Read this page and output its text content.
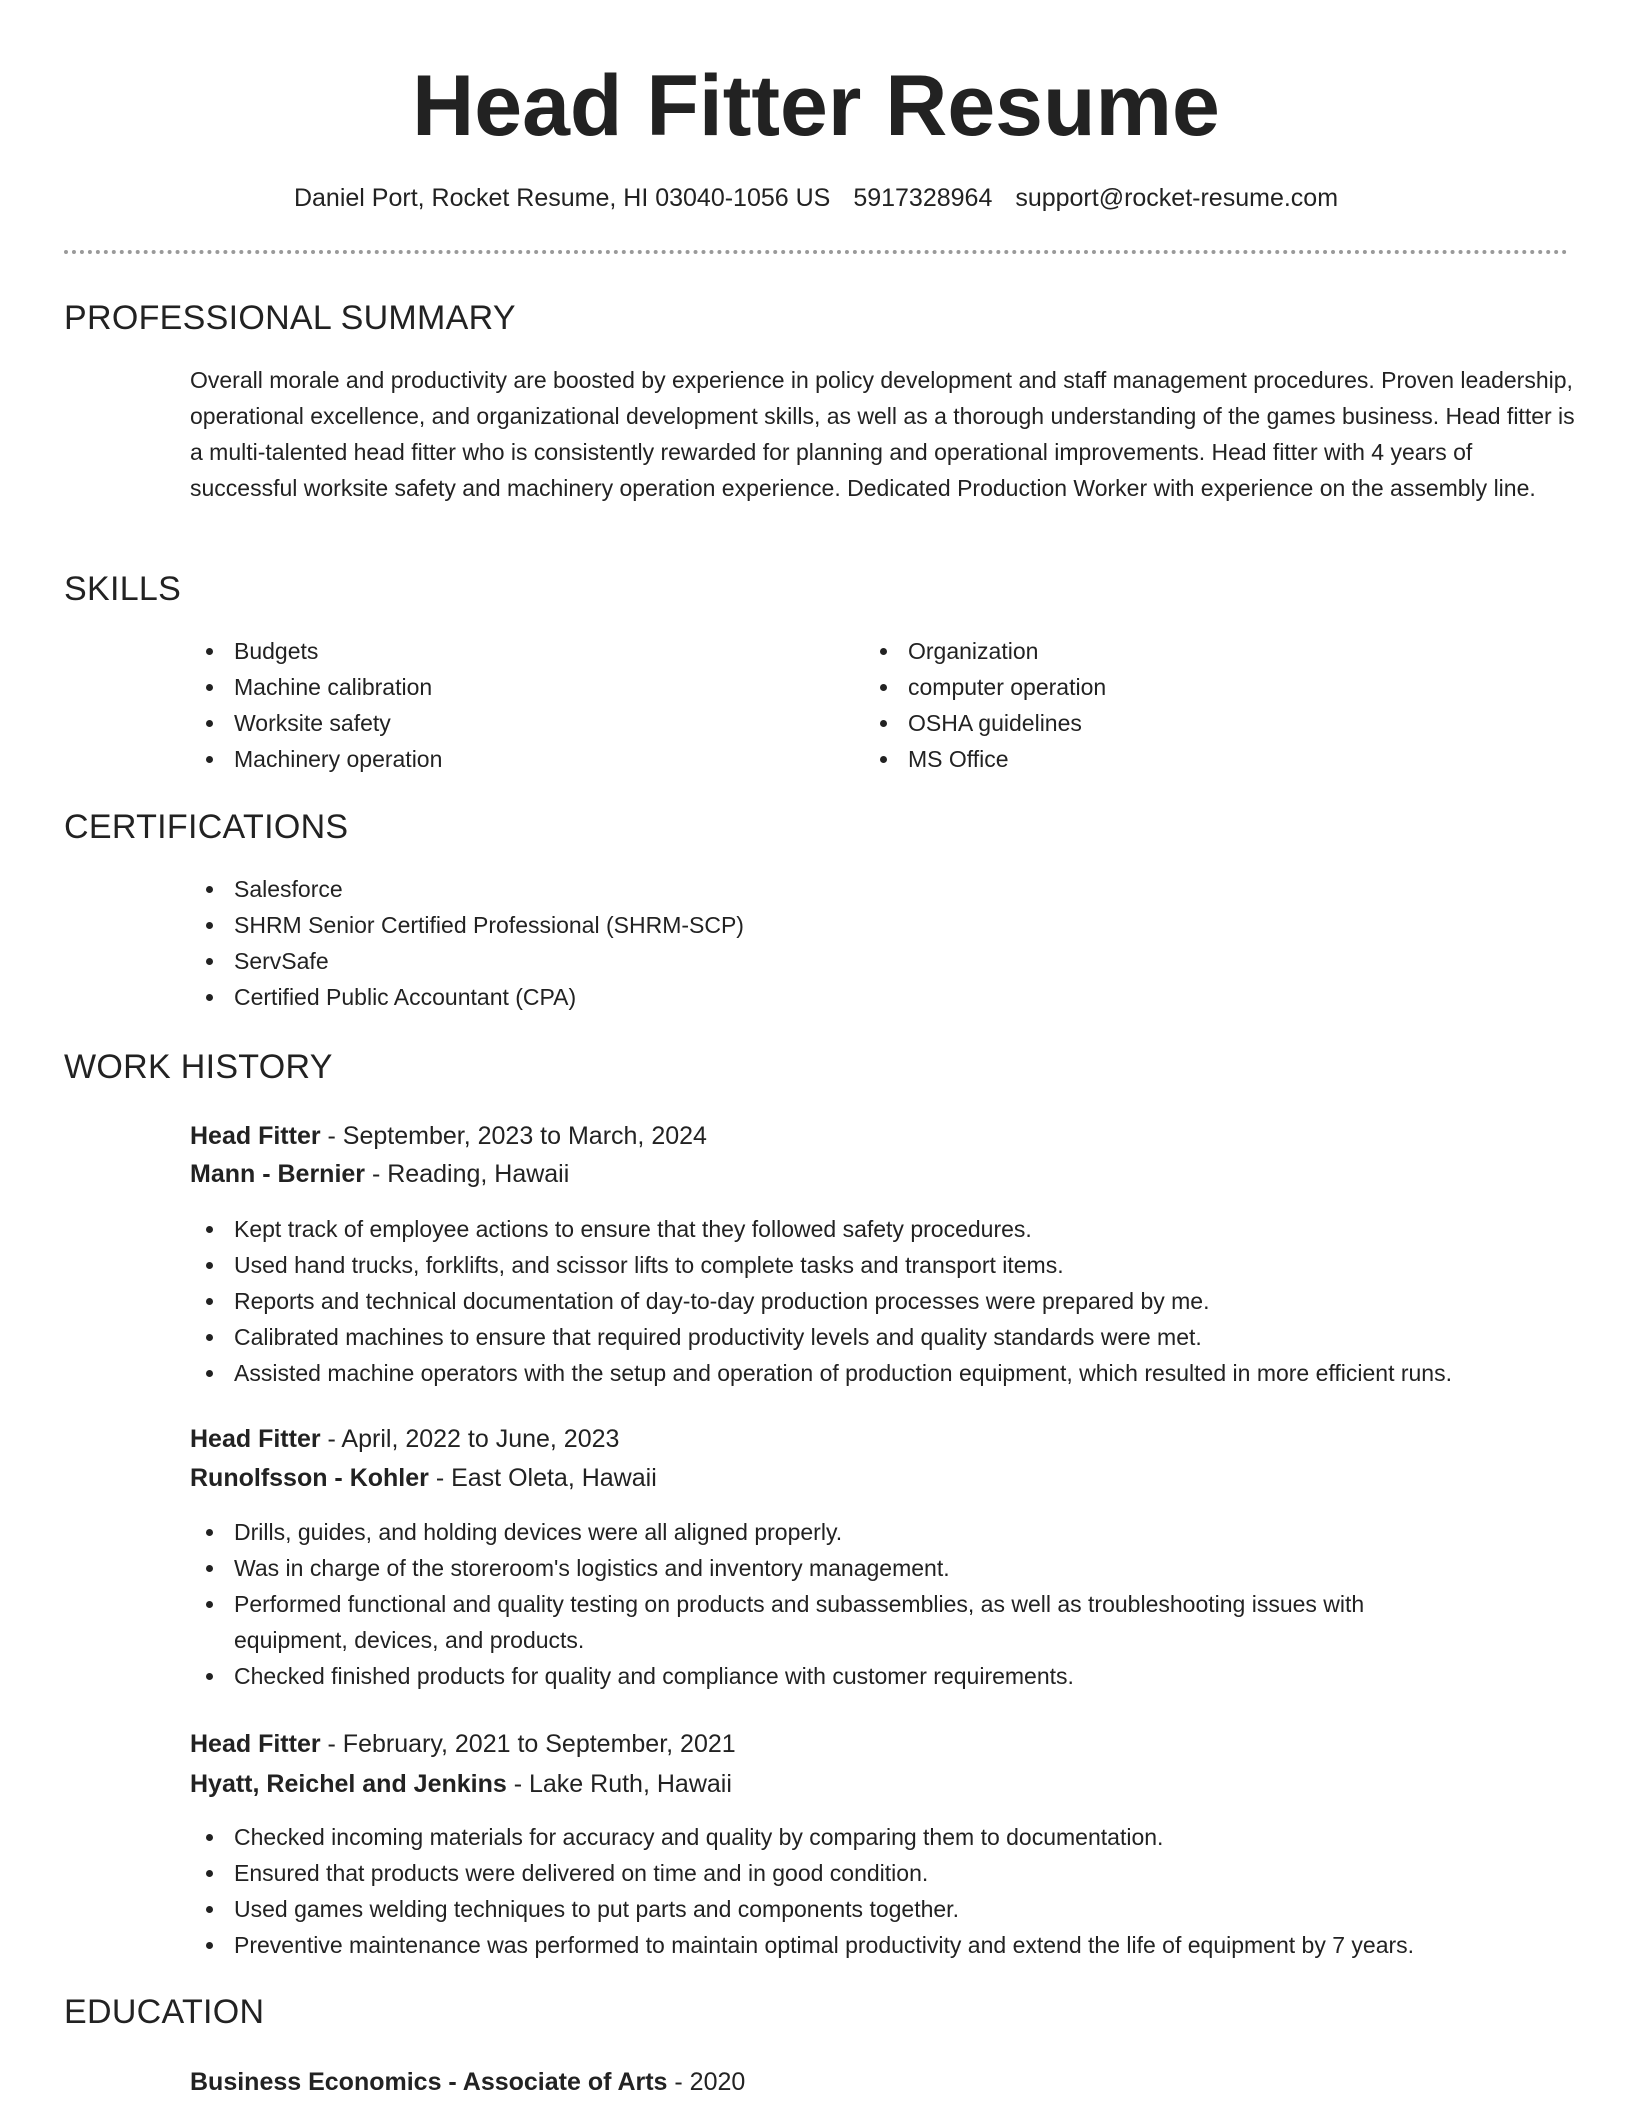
Head Fitter Resume
Daniel Port, Rocket Resume, HI 03040-1056 US 5917328964 support@rocket-resume.com
PROFESSIONAL SUMMARY

Overall morale and productivity are boosted by experience in policy development and staff management procedures. Proven leadership, operational excellence, and organizational development skills, as well as a thorough understanding of the games business. Head fitter is a multi-talented head fitter who is consistently rewarded for planning and operational improvements. Head fitter with 4 years of successful worksite safety and machinery operation experience. Dedicated Production Worker with experience on the assembly line.

SKILLS
Budgets
Machine calibration
Worksite safety
Machinery operation
Organization
computer operation
OSHA guidelines
MS Office
CERTIFICATIONS
Salesforce
SHRM Senior Certified Professional (SHRM-SCP)
ServSafe
Certified Public Accountant (CPA)
WORK HISTORY
Head Fitter - September, 2023 to March, 2024
Mann - Bernier - Reading, Hawaii
Kept track of employee actions to ensure that they followed safety procedures.
Used hand trucks, forklifts, and scissor lifts to complete tasks and transport items.
Reports and technical documentation of day-to-day production processes were prepared by me.
Calibrated machines to ensure that required productivity levels and quality standards were met.
Assisted machine operators with the setup and operation of production equipment, which resulted in more efficient runs.
Head Fitter - April, 2022 to June, 2023
Runolfsson - Kohler - East Oleta, Hawaii
Drills, guides, and holding devices were all aligned properly.
Was in charge of the storeroom's logistics and inventory management.
Performed functional and quality testing on products and subassemblies, as well as troubleshooting issues with equipment, devices, and products.
Checked finished products for quality and compliance with customer requirements.
Head Fitter - February, 2021 to September, 2021
Hyatt, Reichel and Jenkins - Lake Ruth, Hawaii
Checked incoming materials for accuracy and quality by comparing them to documentation.
Ensured that products were delivered on time and in good condition.
Used games welding techniques to put parts and components together.
Preventive maintenance was performed to maintain optimal productivity and extend the life of equipment by 7 years.
EDUCATION
Business Economics - Associate of Arts - 2020
